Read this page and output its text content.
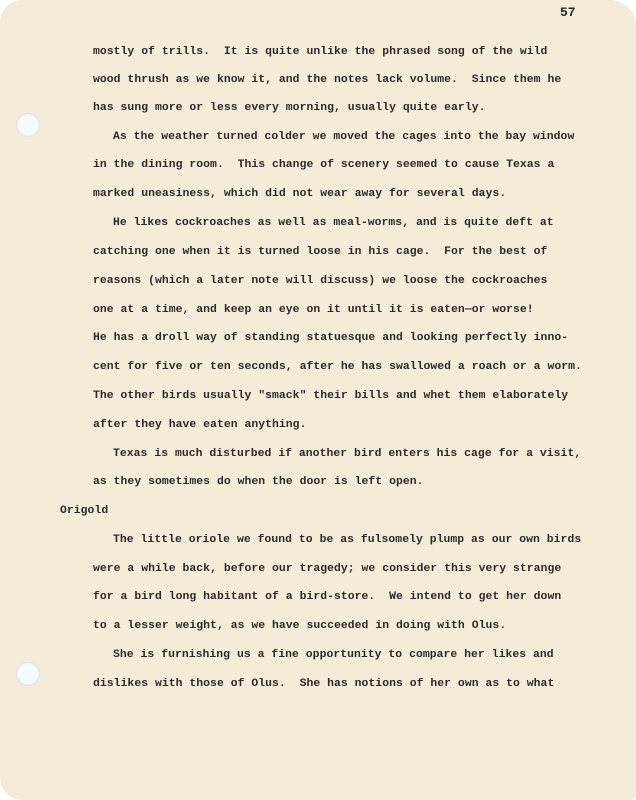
57
mostly of trills.  It is quite unlike the phrased song of the wild
wood thrush as we know it, and the notes lack volume.  Since them he
has sung more or less every morning, usually quite early.
As the weather turned colder we moved the cages into the bay window
in the dining room.  This change of scenery seemed to cause Texas a
marked uneasiness, which did not wear away for several days.
He likes cockroaches as well as meal-worms, and is quite deft at
catching one when it is turned loose in his cage.  For the best of
reasons (which a later note will discuss) we loose the cockroaches
one at a time, and keep an eye on it until it is eaten—or worse!
He has a droll way of standing statuesque and looking perfectly inno-
cent for five or ten seconds, after he has swallowed a roach or a worm.
The other birds usually "smack" their bills and whet them elaborately
after they have eaten anything.
Texas is much disturbed if another bird enters his cage for a visit,
as they sometimes do when the door is left open.
Origold
The little oriole we found to be as fulsomely plump as our own birds
were a while back, before our tragedy; we consider this very strange
for a bird long habitant of a bird-store.  We intend to get her down
to a lesser weight, as we have succeeded in doing with Olus.
She is furnishing us a fine opportunity to compare her likes and
dislikes with those of Olus.  She has notions of her own as to what
